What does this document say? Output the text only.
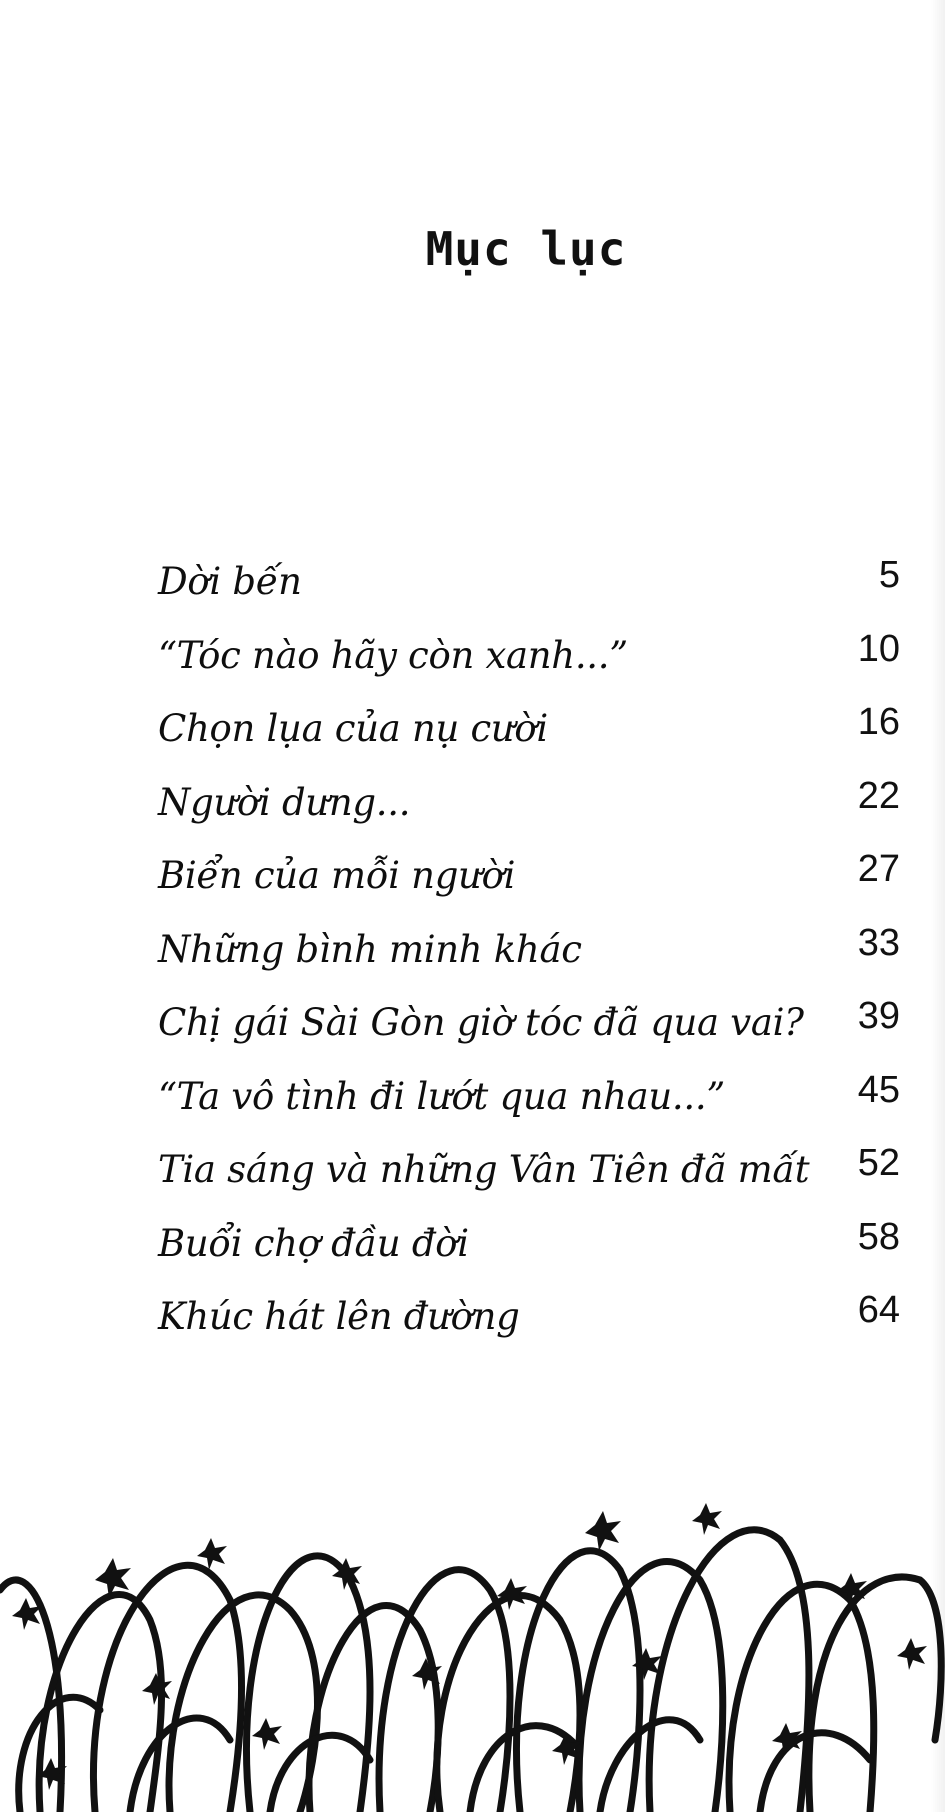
Mục lục
Dời bến	5
“Tóc nào hãy còn xanh...”	10
Chọn lụa của nụ cười	16
Người dưng...	22
Biển của mỗi người	27
Những bình minh khác	33
Chị gái Sài Gòn giờ tóc đã qua vai? 39
“Ta vô tình đi lướt qua nhau...”	45
Tia sáng và những Vân Tiên đã mất 52
Buổi chợ đầu đời	58
Khúc hát lên đường	64
